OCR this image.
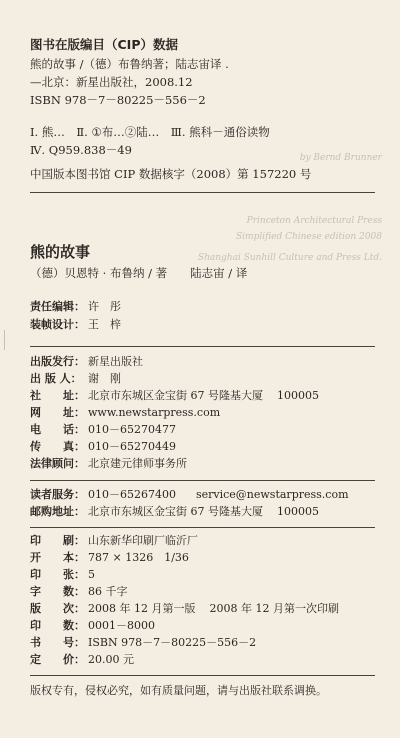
by Bernd Brunner
Princeton Architectural Press
Simplified Chinese edition 2008
Shanghai Sunhill Culture and Press Ltd.
图书在版编目（CIP）数据
熊的故事 /（德）布鲁纳著；陆志宙译 .
—北京：新星出版社，2008.12
ISBN 978－7－80225－556－2
Ⅰ. 熊…　Ⅱ. ①布…②陆…　Ⅲ. 熊科－通俗读物
Ⅳ. Q959.838－49
中国版本图书馆 CIP 数据核字（2008）第 157220 号
熊的故事
（德）贝恩特 · 布鲁纳 / 著　　陆志宙 / 译
责任编辑： 许　彤
装帧设计： 王　梓
出版发行： 新星出版社
出 版 人： 谢　刚
社　　址： 北京市东城区金宝街 67 号隆基大厦 100005
网　　址： www.newstarpress.com
电　　话： 010－65270477
传　　真： 010－65270449
法律顾问： 北京建元律师事务所
读者服务： 010－65267400 service@newstarpress.com
邮购地址： 北京市东城区金宝街 67 号隆基大厦 100005
印　　刷： 山东新华印刷厂临沂厂
开　　本： 787 × 1326　1/36
印　　张： 5
字　　数： 86 千字
版　　次： 2008 年 12 月第一版 2008 年 12 月第一次印刷
印　　数： 0001－8000
书　　号： ISBN 978－7－80225－556－2
定　　价： 20.00 元
版权专有，侵权必究，如有质量问题，请与出版社联系调换。
